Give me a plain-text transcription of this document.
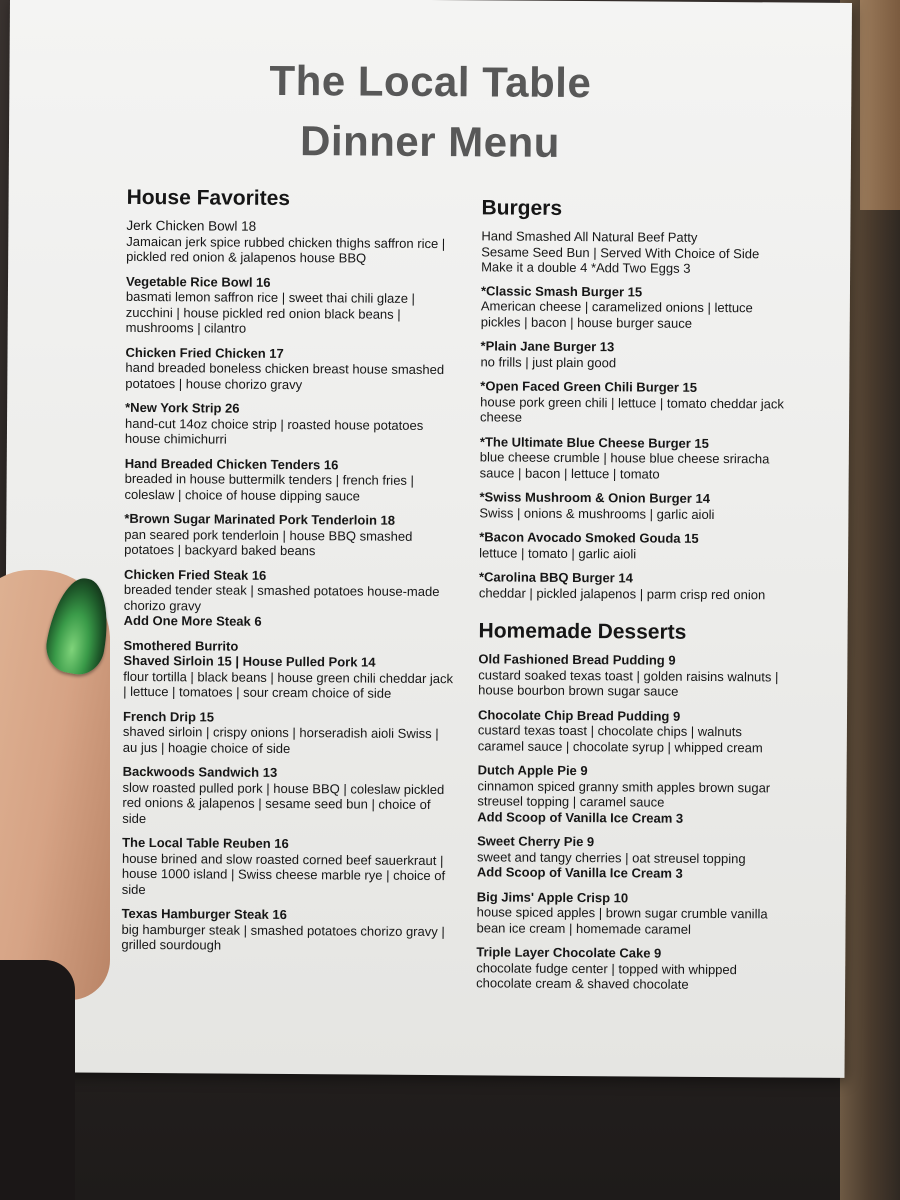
The Local Table
Dinner Menu
House Favorites
Jerk Chicken Bowl 18
Jamaican jerk spice rubbed chicken thighs saffron rice | pickled red onion & jalapenos house BBQ
Vegetable Rice Bowl 16
basmati lemon saffron rice | sweet thai chili glaze | zucchini | house pickled red onion black beans | mushrooms | cilantro
Chicken Fried Chicken 17
hand breaded boneless chicken breast house smashed potatoes | house chorizo gravy
*New York Strip 26
hand-cut 14oz choice strip | roasted house potatoes house chimichurri
Hand Breaded Chicken Tenders 16
breaded in house buttermilk tenders | french fries | coleslaw | choice of house dipping sauce
*Brown Sugar Marinated Pork Tenderloin 18
pan seared pork tenderloin | house BBQ smashed potatoes | backyard baked beans
Chicken Fried Steak 16
breaded tender steak | smashed potatoes house-made chorizo gravy
Add One More Steak 6
Smothered Burrito
Shaved Sirloin 15 | House Pulled Pork 14
flour tortilla | black beans | house green chili cheddar jack | lettuce | tomatoes | sour cream choice of side
French Drip 15
shaved sirloin | crispy onions | horseradish aioli Swiss | au jus | hoagie choice of side
Backwoods Sandwich 13
slow roasted pulled pork | house BBQ | coleslaw pickled red onions & jalapenos | sesame seed bun | choice of side
The Local Table Reuben 16
house brined and slow roasted corned beef sauerkraut | house 1000 island | Swiss cheese marble rye | choice of side
Texas Hamburger Steak 16
big hamburger steak | smashed potatoes chorizo gravy | grilled sourdough
Burgers
Hand Smashed All Natural Beef Patty
Sesame Seed Bun | Served With Choice of Side
Make it a double 4 *Add Two Eggs 3
*Classic Smash Burger 15
American cheese | caramelized onions | lettuce pickles | bacon | house burger sauce
*Plain Jane Burger 13
no frills | just plain good
*Open Faced Green Chili Burger 15
house pork green chili | lettuce | tomato cheddar jack cheese
*The Ultimate Blue Cheese Burger 15
blue cheese crumble | house blue cheese sriracha sauce | bacon | lettuce | tomato
*Swiss Mushroom & Onion Burger 14
Swiss | onions & mushrooms | garlic aioli
*Bacon Avocado Smoked Gouda 15
lettuce | tomato | garlic aioli
*Carolina BBQ Burger 14
cheddar | pickled jalapenos | parm crisp red onion
Homemade Desserts
Old Fashioned Bread Pudding 9
custard soaked texas toast | golden raisins walnuts | house bourbon brown sugar sauce
Chocolate Chip Bread Pudding 9
custard texas toast | chocolate chips | walnuts caramel sauce | chocolate syrup | whipped cream
Dutch Apple Pie 9
cinnamon spiced granny smith apples brown sugar streusel topping | caramel sauce
Add Scoop of Vanilla Ice Cream 3
Sweet Cherry Pie 9
sweet and tangy cherries | oat streusel topping
Add Scoop of Vanilla Ice Cream 3
Big Jims' Apple Crisp 10
house spiced apples | brown sugar crumble vanilla bean ice cream | homemade caramel
Triple Layer Chocolate Cake 9
chocolate fudge center | topped with whipped chocolate cream & shaved chocolate
